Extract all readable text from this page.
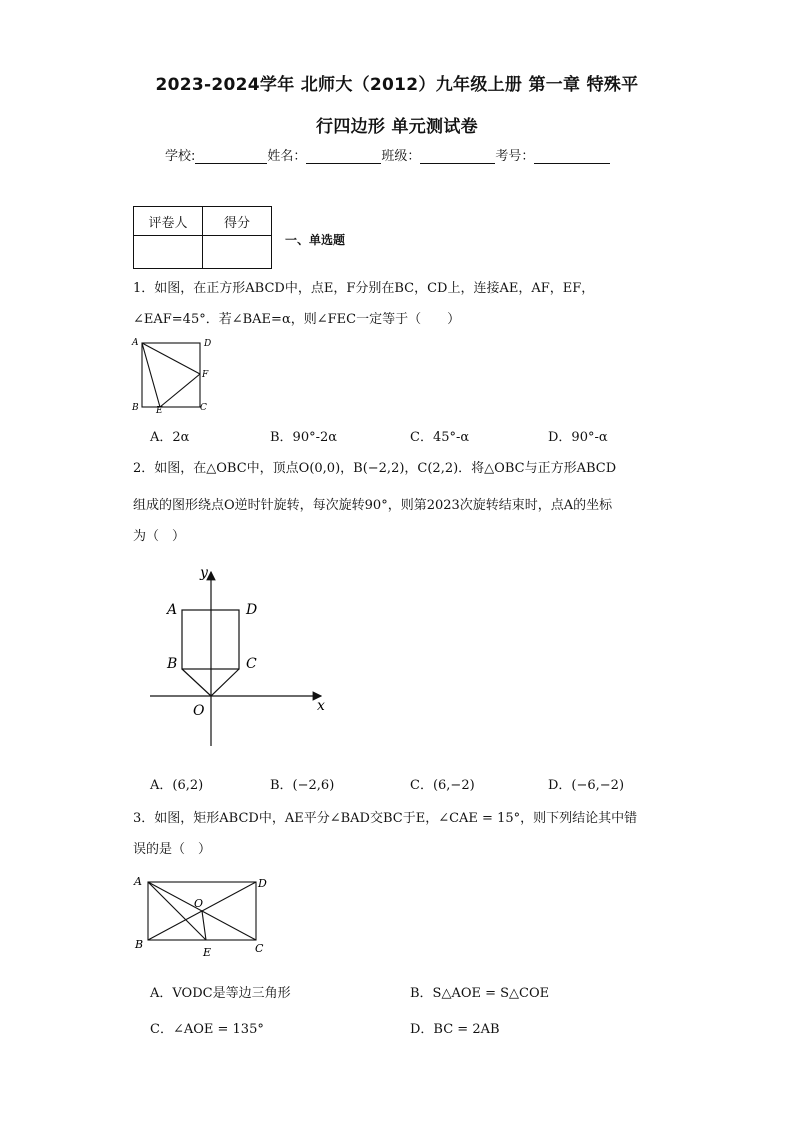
2023-2024学年 北师大（2012）九年级上册 第一章 特殊平
行四边形 单元测试卷
学校:	姓名：	班级：	考号：
评卷人	得分

一、单选题
1．如图，在正方形ABCD中，点E，F分别在BC，CD上，连接AE，AF，EF，
∠EAF=45°．若∠BAE=α，则∠FEC一定等于（　　）
A	D
F
B E	C
A．2α	B．90°-2α	C．45°-α	D．90°-α
2．如图，在△OBC中，顶点O(0,0)，B(−2,2)，C(2,2)．将△OBC与正方形ABCD
组成的图形绕点O逆时针旋转，每次旋转90°，则第2023次旋转结束时，点A的坐标
为（　）
y
A	D
B	C
O	x
A．(6,2)	B．(−2,6)	C．(6,−2)	D．(−6,−2)
3．如图，矩形ABCD中，AE平分∠BAD交BC于E，∠CAE = 15°，则下列结论其中错
误的是（　）
A	D
O
B
E	C
A．VODC是等边三角形	B．S△AOE = S△COE
C．∠AOE = 135°	D．BC = 2AB
